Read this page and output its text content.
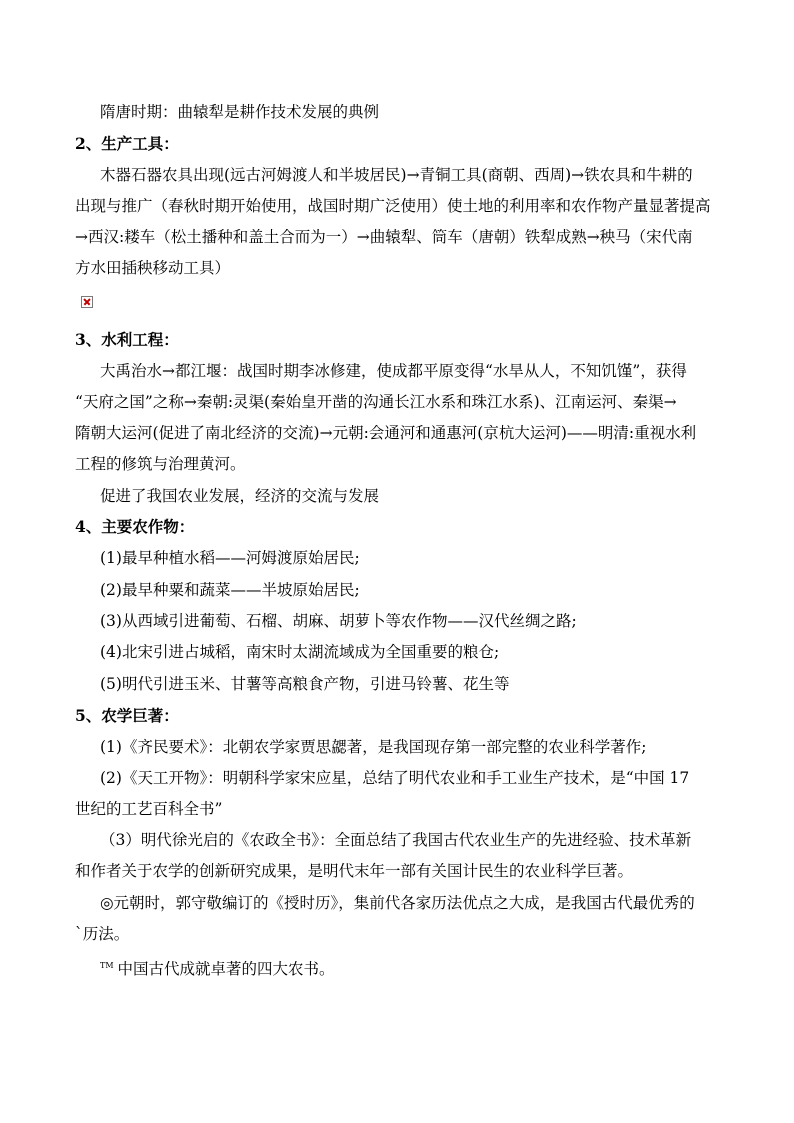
隋唐时期：曲辕犁是耕作技术发展的典例
2、生产工具：
木器石器农具出现(远古河姆渡人和半坡居民)→青铜工具(商朝、西周)→铁农具和牛耕的
出现与推广（春秋时期开始使用，战国时期广泛使用）使土地的利用率和农作物产量显著提高
→西汉:耧车（松土播种和盖土合而为一）→曲辕犁、筒车（唐朝）铁犁成熟→秧马（宋代南
方水田插秧移动工具）
3、水利工程：
大禹治水→都江堰：战国时期李冰修建，使成都平原变得“水旱从人，不知饥馑”，获得
“天府之国”之称→秦朝:灵渠(秦始皇开凿的沟通长江水系和珠江水系)、江南运河、秦渠→
隋朝大运河(促进了南北经济的交流)→元朝:会通河和通惠河(京杭大运河)——明清:重视水利
工程的修筑与治理黄河。
促进了我国农业发展，经济的交流与发展
4、主要农作物：
(1)最早种植水稻——河姆渡原始居民;
(2)最早种粟和蔬菜——半坡原始居民;
(3)从西域引进葡萄、石榴、胡麻、胡萝卜等农作物——汉代丝绸之路;
(4)北宋引进占城稻，南宋时太湖流域成为全国重要的粮仓;
(5)明代引进玉米、甘薯等高粮食产物，引进马铃薯、花生等
5、农学巨著：
(1)《齐民要术》：北朝农学家贾思勰著，是我国现存第一部完整的农业科学著作;
(2)《天工开物》：明朝科学家宋应星，总结了明代农业和手工业生产技术，是“中国 17
世纪的工艺百科全书”
（3）明代徐光启的《农政全书》：全面总结了我国古代农业生产的先进经验、技术革新
和作者关于农学的创新研究成果，是明代末年一部有关国计民生的农业科学巨著。
◎元朝时，郭守敬编订的《授时历》，集前代各家历法优点之大成，是我国古代最优秀的
`历法。
™ 中国古代成就卓著的四大农书。
